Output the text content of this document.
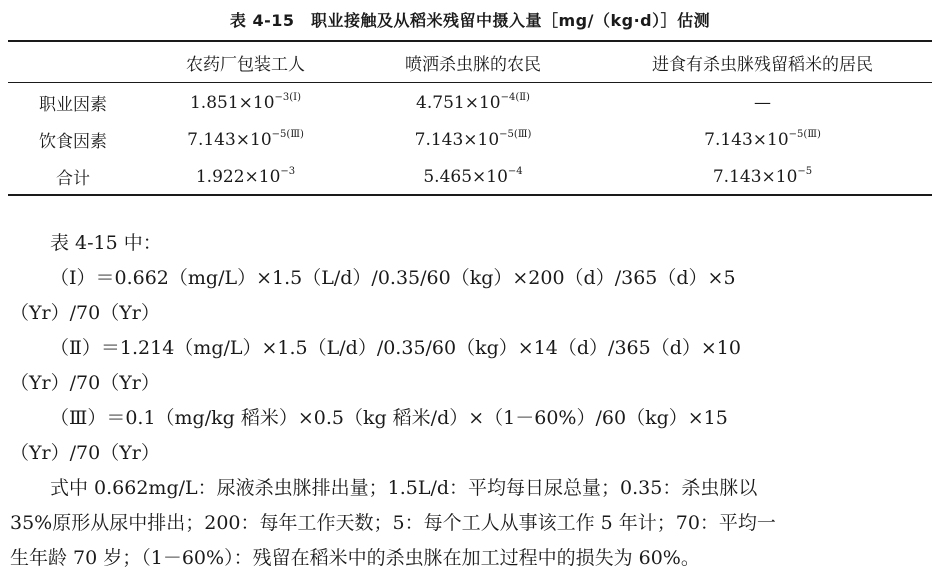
表 4-15　职业接触及从稻米残留中摄入量［mg/（kg·d）］估测
	农药厂包装工人	喷洒杀虫脒的农民	进食有杀虫脒残留稻米的居民
职业因素	$1.851\times 10^{-3(Ⅰ)}$	$4.751\times 10^{-4(Ⅱ)}$	—
饮食因素	$7.143\times 10^{-5(Ⅲ)}$	$7.143\times 10^{-5(Ⅲ)}$	$7.143\times 10^{-5(Ⅲ)}$
合计	$1.922\times 10^{-3}$	$5.465\times 10^{-4}$	$7.143\times 10^{-5}$

表 4-15 中：

（Ⅰ）＝0.662（mg/L）×1.5（L/d）/0.35/60（kg）×200（d）/365（d）×5

（Yr）/70（Yr）

（Ⅱ）＝1.214（mg/L）×1.5（L/d）/0.35/60（kg）×14（d）/365（d）×10

（Yr）/70（Yr）

（Ⅲ）＝0.1（mg/kg 稻米）×0.5（kg 稻米/d）×（1－60%）/60（kg）×15

（Yr）/70（Yr）

式中 0.662mg/L：尿液杀虫脒排出量；1.5L/d：平均每日尿总量；0.35：杀虫脒以

35%原形从尿中排出；200：每年工作天数；5：每个工人从事该工作 5 年计；70：平均一

生年龄 70 岁；（1－60%）：残留在稻米中的杀虫脒在加工过程中的损失为 60%。
